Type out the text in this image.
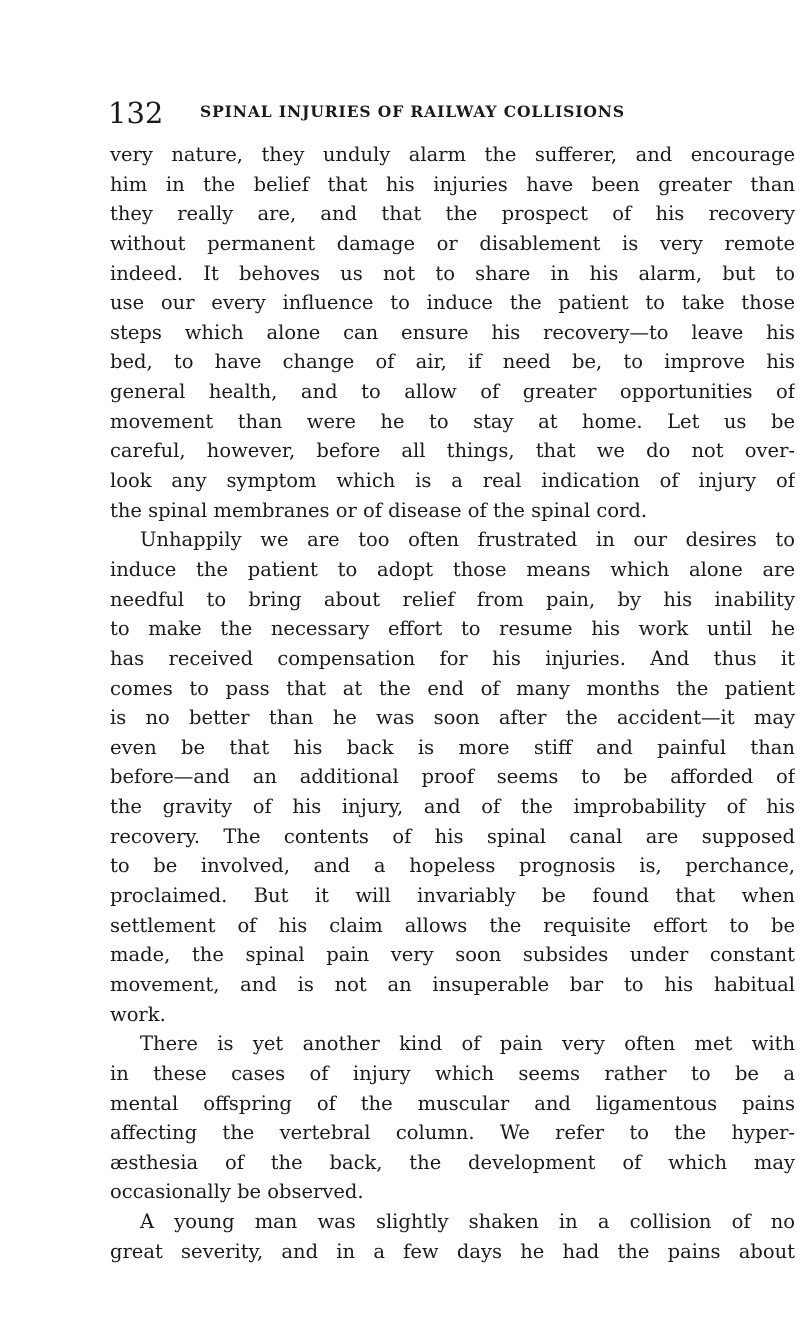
132 SPINAL INJURIES OF RAILWAY COLLISIONS
very nature, they unduly alarm the sufferer, and encourage
him in the belief that his injuries have been greater than
they really are, and that the prospect of his recovery
without permanent damage or disablement is very remote
indeed. It behoves us not to share in his alarm, but to
use our every influence to induce the patient to take those
steps which alone can ensure his recovery—to leave his
bed, to have change of air, if need be, to improve his
general health, and to allow of greater opportunities of
movement than were he to stay at home. Let us be
careful, however, before all things, that we do not over-
look any symptom which is a real indication of injury of
the spinal membranes or of disease of the spinal cord.
Unhappily we are too often frustrated in our desires to
induce the patient to adopt those means which alone are
needful to bring about relief from pain, by his inability
to make the necessary effort to resume his work until he
has received compensation for his injuries. And thus it
comes to pass that at the end of many months the patient
is no better than he was soon after the accident—it may
even be that his back is more stiff and painful than
before—and an additional proof seems to be afforded of
the gravity of his injury, and of the improbability of his
recovery. The contents of his spinal canal are supposed
to be involved, and a hopeless prognosis is, perchance,
proclaimed. But it will invariably be found that when
settlement of his claim allows the requisite effort to be
made, the spinal pain very soon subsides under constant
movement, and is not an insuperable bar to his habitual
work.
There is yet another kind of pain very often met with
in these cases of injury which seems rather to be a
mental offspring of the muscular and ligamentous pains
affecting the vertebral column. We refer to the hyper-
æsthesia of the back, the development of which may
occasionally be observed.
A young man was slightly shaken in a collision of no
great severity, and in a few days he had the pains about
